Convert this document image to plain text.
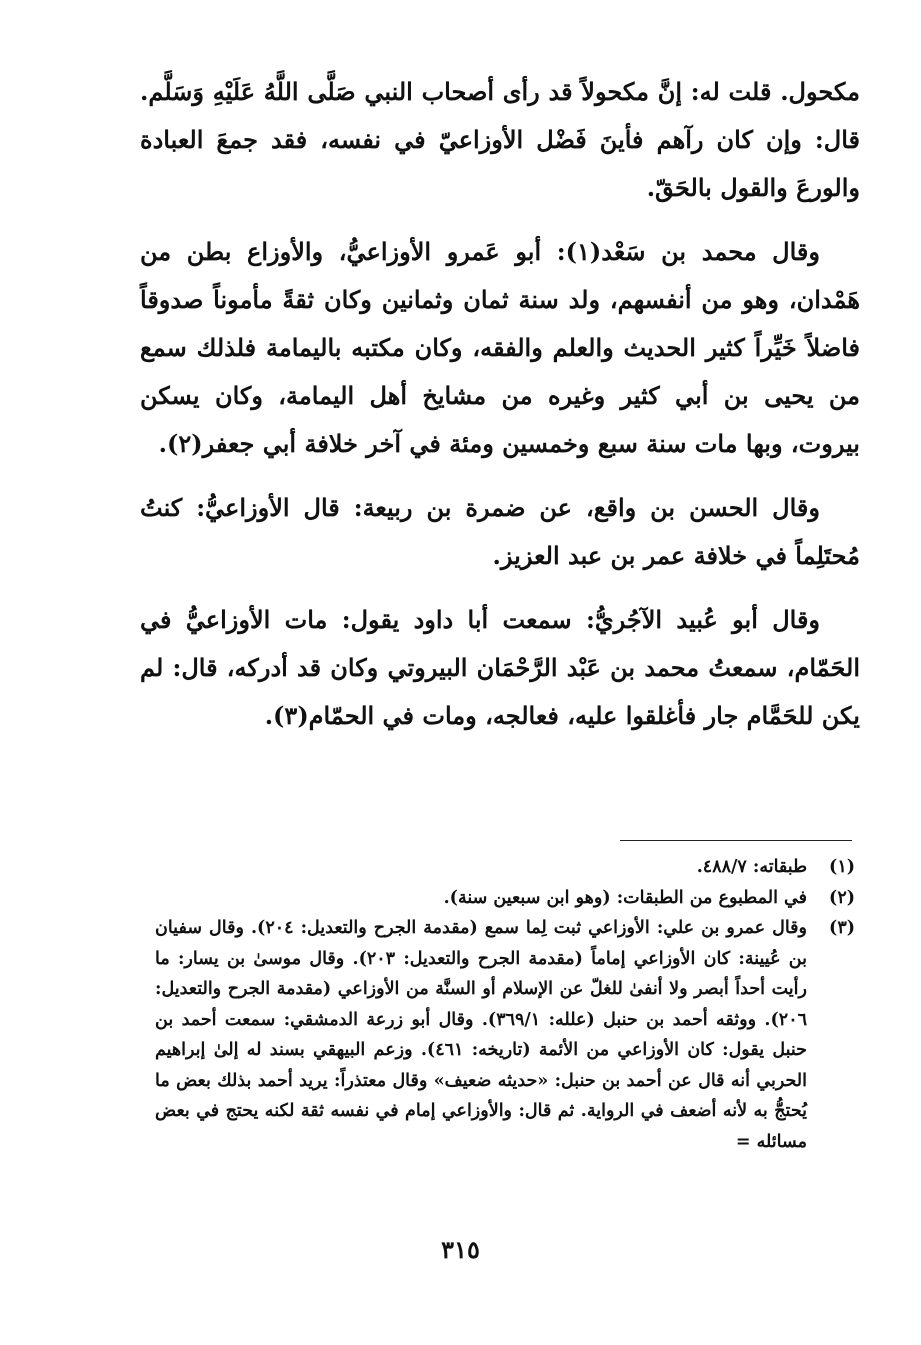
مكحول. قلت له: إنَّ مكحولاً قد رأى أصحاب النبي صَلَّى اللَّهُ عَلَيْهِ وَسَلَّم. قال: وإن كان رآهم فأينَ فَضْل الأوزاعيّ في نفسه، فقد جمعَ العبادة والورعَ والقول بالحَقّ.

وقال محمد بن سَعْد(١): أبو عَمرو الأوزاعيُّ، والأوزاع بطن من هَمْدان، وهو من أنفسهم، ولد سنة ثمان وثمانين وكان ثقةً مأموناً صدوقاً فاضلاً خَيِّراً كثير الحديث والعلم والفقه، وكان مكتبه باليمامة فلذلك سمع من يحيى بن أبي كثير وغيره من مشايخ أهل اليمامة، وكان يسكن بيروت، وبها مات سنة سبع وخمسين ومئة في آخر خلافة أبي جعفر(٢).

وقال الحسن بن واقع، عن ضمرة بن ربيعة: قال الأوزاعيُّ: كنتُ مُحتَلِماً في خلافة عمر بن عبد العزيز.

وقال أبو عُبيد الآجُريُّ: سمعت أبا داود يقول: مات الأوزاعيُّ في الحَمّام، سمعتُ محمد بن عَبْد الرَّحْمَان البيروتي وكان قد أدركه، قال: لم يكن للحَمَّام جار فأغلقوا عليه، فعالجه، ومات في الحمّام(٣).

(١)
طبقاته: ٤٨٨/٧.
(٢)
في المطبوع من الطبقات: (وهو ابن سبعين سنة).
(٣)
وقال عمرو بن علي: الأوزاعي ثبت لِما سمع (مقدمة الجرح والتعديل: ٢٠٤). وقال سفيان بن عُيينة: كان الأوزاعي إماماً (مقدمة الجرح والتعديل: ٢٠٣). وقال موسىٰ بن يسار: ما رأيت أحداً أبصر ولا أنفىٰ للغلّ عن الإسلام أو السنَّة من الأوزاعي (مقدمة الجرح والتعديل: ٢٠٦). ووثقه أحمد بن حنبل (علله: ٣٦٩/١). وقال أبو زرعة الدمشقي: سمعت أحمد بن حنبل يقول: كان الأوزاعي من الأئمة (تاريخه: ٤٦١). وزعم البيهقي بسند له إلىٰ إبراهيم الحربي أنه قال عن أحمد بن حنبل: «حديثه ضعيف» وقال معتذراً: يريد أحمد بذلك بعض ما يُحتجُّ به لأنه أضعف في الرواية. ثم قال: والأوزاعي إمام في نفسه ثقة لكنه يحتج في بعض مسائله =
٣١٥
